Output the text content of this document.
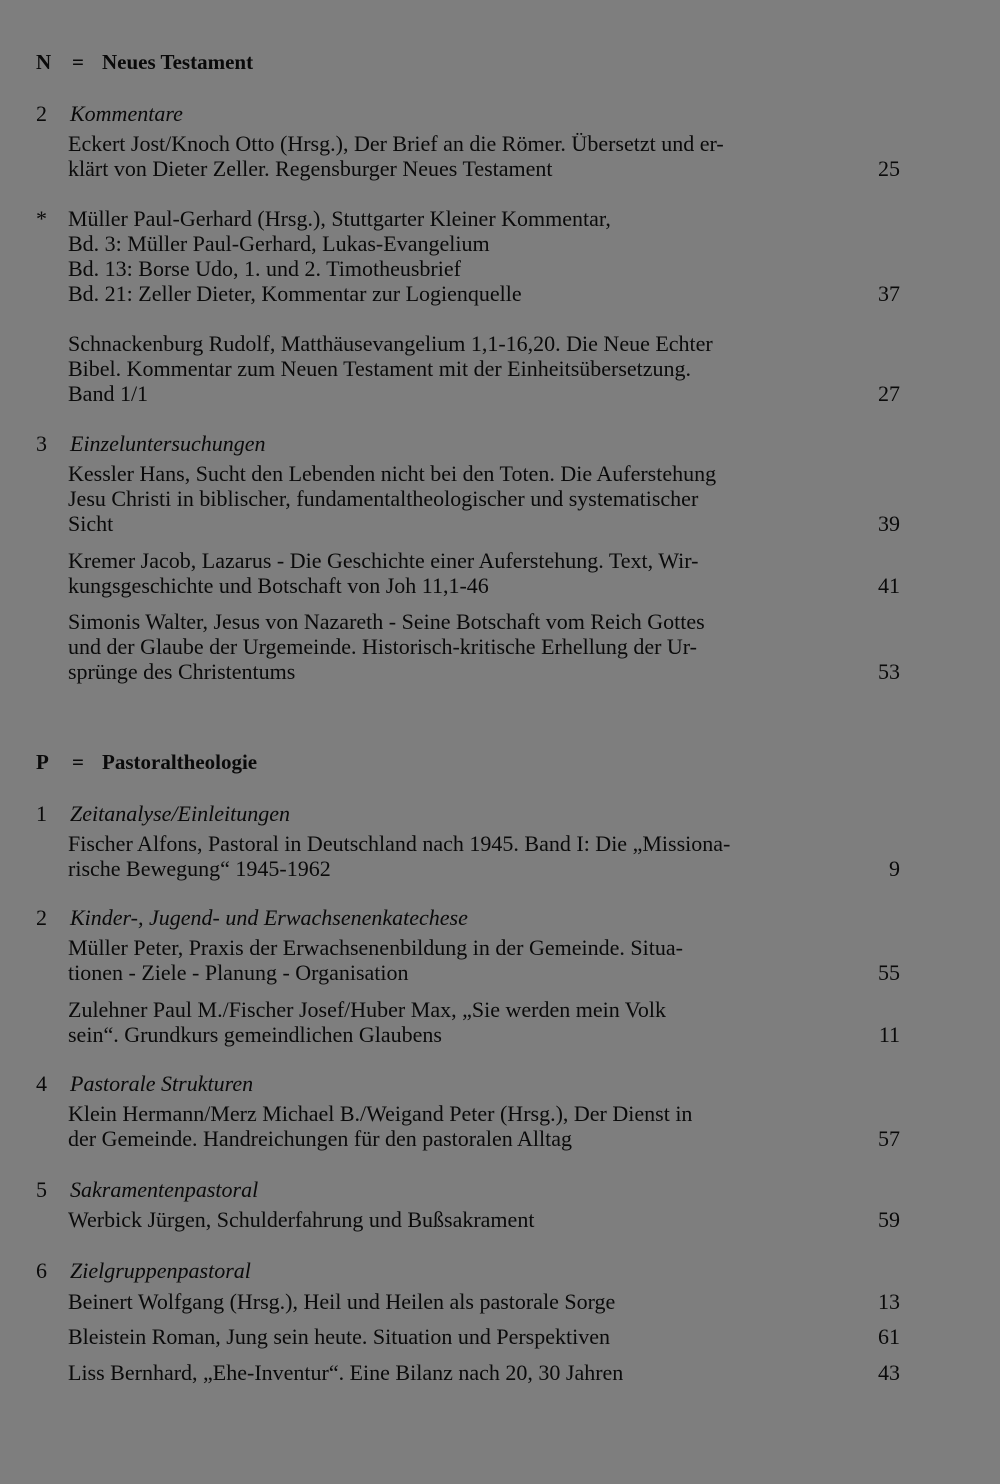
N = Neues Testament
2 Kommentare
Eckert Jost/Knoch Otto (Hrsg.), Der Brief an die Römer. Übersetzt und er-
klärt von Dieter Zeller. Regensburger Neues Testament	25
* Müller Paul-Gerhard (Hrsg.), Stuttgarter Kleiner Kommentar,
Bd. 3: Müller Paul-Gerhard, Lukas-Evangelium
Bd. 13: Borse Udo, 1. und 2. Timotheusbrief
Bd. 21: Zeller Dieter, Kommentar zur Logienquelle	37
Schnackenburg Rudolf, Matthäusevangelium 1,1-16,20. Die Neue Echter
Bibel. Kommentar zum Neuen Testament mit der Einheitsübersetzung.
Band 1/1	27
3 Einzeluntersuchungen
Kessler Hans, Sucht den Lebenden nicht bei den Toten. Die Auferstehung
Jesu Christi in biblischer, fundamentaltheologischer und systematischer
Sicht	39
Kremer Jacob, Lazarus - Die Geschichte einer Auferstehung. Text, Wir-
kungsgeschichte und Botschaft von Joh 11,1-46	41
Simonis Walter, Jesus von Nazareth - Seine Botschaft vom Reich Gottes
und der Glaube der Urgemeinde. Historisch-kritische Erhellung der Ur-
sprünge des Christentums	53
P = Pastoraltheologie
1 Zeitanalyse/Einleitungen
Fischer Alfons, Pastoral in Deutschland nach 1945. Band I: Die „Missiona-
rische Bewegung“ 1945-1962	9
2 Kinder-, Jugend- und Erwachsenenkatechese
Müller Peter, Praxis der Erwachsenenbildung in der Gemeinde. Situa-
tionen - Ziele - Planung - Organisation	55
Zulehner Paul M./Fischer Josef/Huber Max, „Sie werden mein Volk
sein“. Grundkurs gemeindlichen Glaubens	11
4 Pastorale Strukturen
Klein Hermann/Merz Michael B./Weigand Peter (Hrsg.), Der Dienst in
der Gemeinde. Handreichungen für den pastoralen Alltag	57
5 Sakramentenpastoral
Werbick Jürgen, Schulderfahrung und Bußsakrament	59
6 Zielgruppenpastoral
Beinert Wolfgang (Hrsg.), Heil und Heilen als pastorale Sorge	13
Bleistein Roman, Jung sein heute. Situation und Perspektiven	61
Liss Bernhard, „Ehe-Inventur“. Eine Bilanz nach 20, 30 Jahren	43
